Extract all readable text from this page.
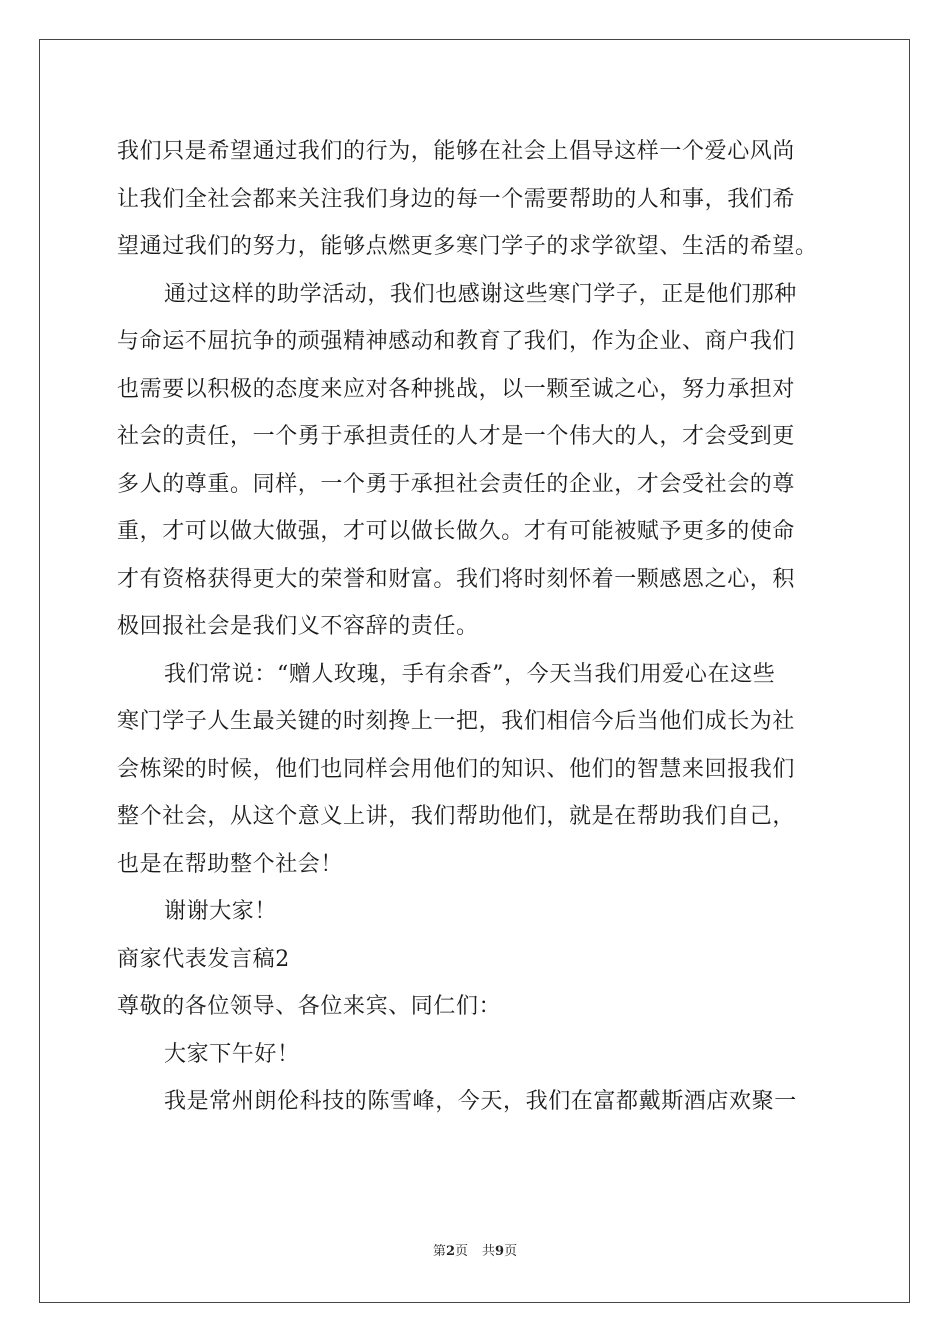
我们只是希望通过我们的行为，能够在社会上倡导这样一个爱心风尚
让我们全社会都来关注我们身边的每一个需要帮助的人和事，我们希
望通过我们的努力，能够点燃更多寒门学子的求学欲望、生活的希望。
通过这样的助学活动，我们也感谢这些寒门学子，正是他们那种
与命运不屈抗争的顽强精神感动和教育了我们，作为企业、商户我们
也需要以积极的态度来应对各种挑战，以一颗至诚之心，努力承担对
社会的责任，一个勇于承担责任的人才是一个伟大的人，才会受到更
多人的尊重。同样，一个勇于承担社会责任的企业，才会受社会的尊
重，才可以做大做强，才可以做长做久。才有可能被赋予更多的使命
才有资格获得更大的荣誉和财富。我们将时刻怀着一颗感恩之心，积
极回报社会是我们义不容辞的责任。
我们常说：“赠人玫瑰，手有余香”，今天当我们用爱心在这些
寒门学子人生最关键的时刻搀上一把，我们相信今后当他们成长为社
会栋梁的时候，他们也同样会用他们的知识、他们的智慧来回报我们
整个社会，从这个意义上讲，我们帮助他们，就是在帮助我们自己，
也是在帮助整个社会！
谢谢大家！
商家代表发言稿2
尊敬的各位领导、各位来宾、同仁们：
大家下午好！
我是常州朗伦科技的陈雪峰，今天，我们在富都戴斯酒店欢聚一
第2页 共9页
